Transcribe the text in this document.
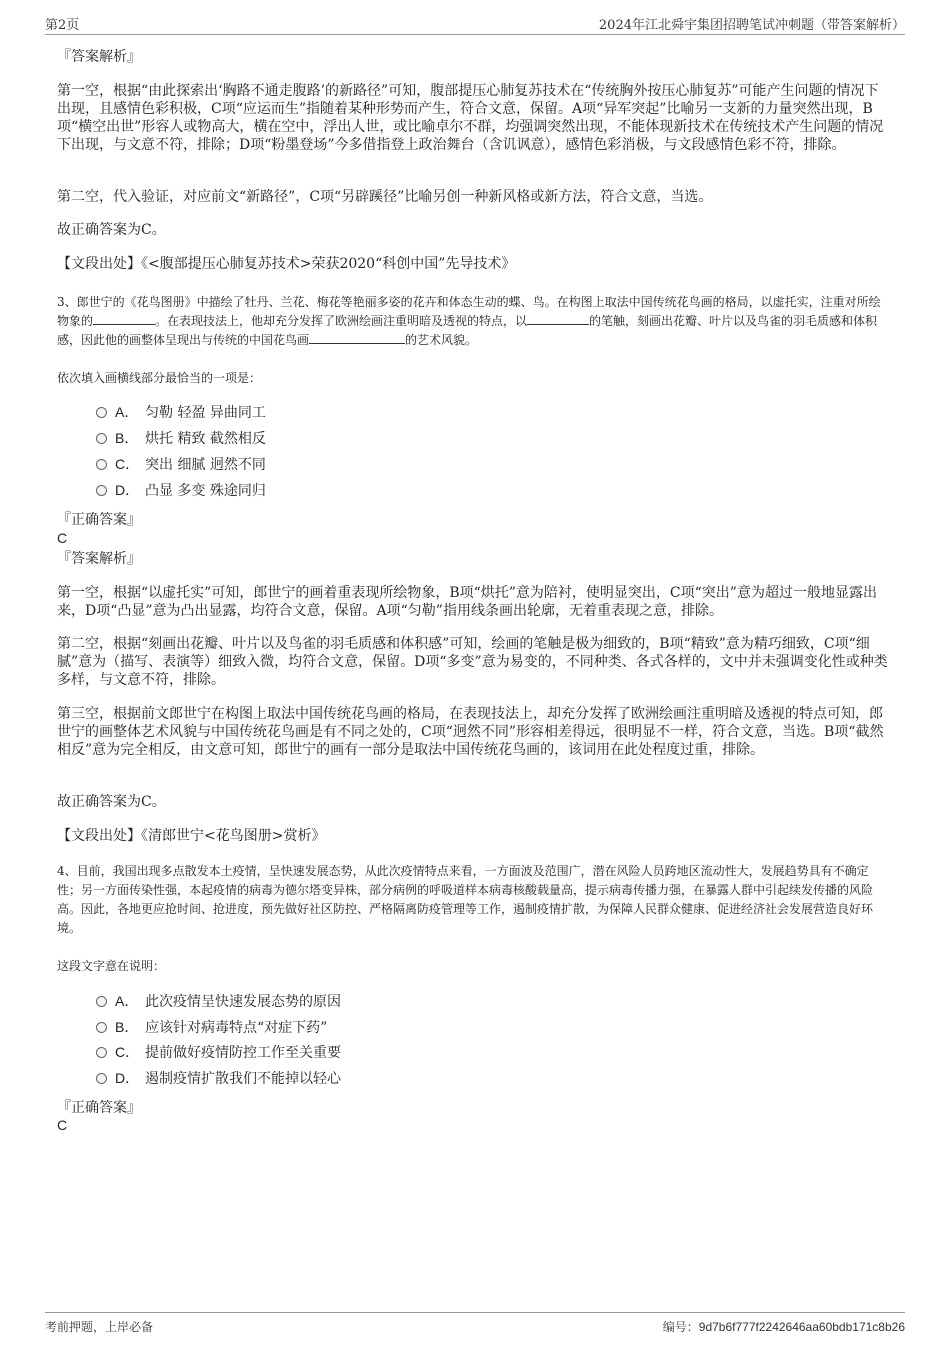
第2页	2024年江北舜宇集团招聘笔试冲刺题（带答案解析）
『答案解析』

第一空，根据“由此探索出‘胸路不通走腹路’的新路径”可知，腹部提压心肺复苏技术在“传统胸外按压心肺复苏”可能产生问题的情况下出现，且感情色彩积极，C项“应运而生”指随着某种形势而产生，符合文意，保留。A项“异军突起”比喻另一支新的力量突然出现，B项“横空出世”形容人或物高大，横在空中，浮出人世，或比喻卓尔不群，均强调突然出现，不能体现新技术在传统技术产生问题的情况下出现，与文意不符，排除；D项“粉墨登场”今多借指登上政治舞台（含讥讽意），感情色彩消极，与文段感情色彩不符，排除。

第二空，代入验证，对应前文“新路径”，C项“另辟蹊径”比喻另创一种新风格或新方法，符合文意，当选。

故正确答案为C。

【文段出处】《<腹部提压心肺复苏技术>荣获2020“科创中国”先导技术》

3、郎世宁的《花鸟图册》中描绘了牡丹、兰花、梅花等艳丽多姿的花卉和体态生动的蝶、鸟。在构图上取法中国传统花鸟画的格局，以虚托实，注重对所绘物象的	。在表现技法上，他却充分发挥了欧洲绘画注重明暗及透视的特点，以	的笔触，刻画出花瓣、叶片以及鸟雀的羽毛质感和体积感，因此他的画整体呈现出与传统的中国花鸟画	的艺术风貌。

依次填入画横线部分最恰当的一项是：

A． 匀勒 轻盈 异曲同工
B． 烘托 精致 截然相反
C． 突出 细腻 迥然不同
D． 凸显 多变 殊途同归
『正确答案』
C
『答案解析』

第一空，根据“以虚托实”可知，郎世宁的画着重表现所绘物象，B项“烘托”意为陪衬，使明显突出，C项“突出”意为超过一般地显露出来，D项“凸显”意为凸出显露，均符合文意，保留。A项“匀勒”指用线条画出轮廓，无着重表现之意，排除。

第二空，根据“刻画出花瓣、叶片以及鸟雀的羽毛质感和体积感”可知，绘画的笔触是极为细致的，B项“精致”意为精巧细致，C项“细腻”意为（描写、表演等）细致入微，均符合文意，保留。D项“多变”意为易变的，不同种类、各式各样的，文中并未强调变化性或种类多样，与文意不符，排除。

第三空，根据前文郎世宁在构图上取法中国传统花鸟画的格局，在表现技法上，却充分发挥了欧洲绘画注重明暗及透视的特点可知，郎世宁的画整体艺术风貌与中国传统花鸟画是有不同之处的，C项“迥然不同”形容相差得远，很明显不一样，符合文意，当选。B项“截然相反”意为完全相反，由文意可知，郎世宁的画有一部分是取法中国传统花鸟画的，该词用在此处程度过重，排除。

故正确答案为C。

【文段出处】《清郎世宁<花鸟图册>赏析》

4、目前，我国出现多点散发本土疫情，呈快速发展态势，从此次疫情特点来看，一方面波及范围广，潜在风险人员跨地区流动性大，发展趋势具有不确定性；另一方面传染性强，本起疫情的病毒为德尔塔变异株，部分病例的呼吸道样本病毒核酸载量高，提示病毒传播力强，在暴露人群中引起续发传播的风险高。因此，各地更应抢时间、抢进度，预先做好社区防控、严格隔离防疫管理等工作，遏制疫情扩散，为保障人民群众健康、促进经济社会发展营造良好环境。

这段文字意在说明：

A． 此次疫情呈快速发展态势的原因
B． 应该针对病毒特点“对症下药”
C． 提前做好疫情防控工作至关重要
D． 遏制疫情扩散我们不能掉以轻心
『正确答案』
C
考前押题，上岸必备	编号：9d7b6f777f2242646aa60bdb171c8b26
